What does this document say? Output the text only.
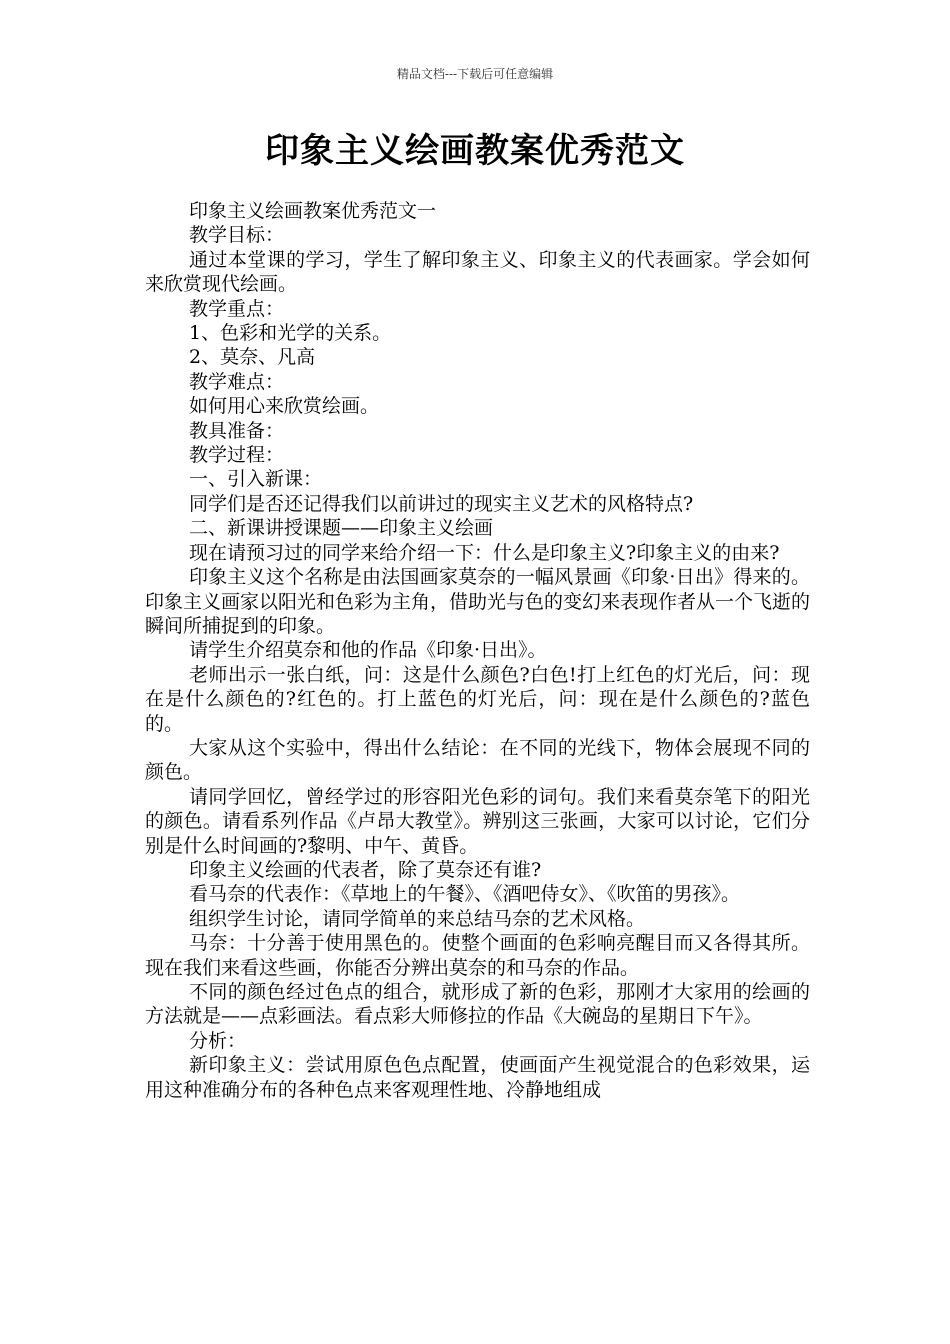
精品文档---下载后可任意编辑
印象主义绘画教案优秀范文

印象主义绘画教案优秀范文一

教学目标：

通过本堂课的学习，学生了解印象主义、印象主义的代表画家。学会如何来欣赏现代绘画。

教学重点：

1、色彩和光学的关系。

2、莫奈、凡高

教学难点：

如何用心来欣赏绘画。

教具准备：

教学过程：

一、引入新课：

同学们是否还记得我们以前讲过的现实主义艺术的风格特点?

二、新课讲授课题——印象主义绘画

现在请预习过的同学来给介绍一下：什么是印象主义?印象主义的由来?

印象主义这个名称是由法国画家莫奈的一幅风景画《印象·日出》得来的。印象主义画家以阳光和色彩为主角，借助光与色的变幻来表现作者从一个飞逝的瞬间所捕捉到的印象。

请学生介绍莫奈和他的作品《印象·日出》。

老师出示一张白纸，问：这是什么颜色?白色!打上红色的灯光后，问：现在是什么颜色的?红色的。打上蓝色的灯光后，问：现在是什么颜色的?蓝色的。

大家从这个实验中，得出什么结论：在不同的光线下，物体会展现不同的颜色。

请同学回忆，曾经学过的形容阳光色彩的词句。我们来看莫奈笔下的阳光的颜色。请看系列作品《卢昂大教堂》。辨别这三张画，大家可以讨论，它们分别是什么时间画的?黎明、中午、黄昏。

印象主义绘画的代表者，除了莫奈还有谁?

看马奈的代表作：《草地上的午餐》、《酒吧侍女》、《吹笛的男孩》。

组织学生讨论，请同学简单的来总结马奈的艺术风格。

马奈：十分善于使用黑色的。使整个画面的色彩响亮醒目而又各得其所。现在我们来看这些画，你能否分辨出莫奈的和马奈的作品。

不同的颜色经过色点的组合，就形成了新的色彩，那刚才大家用的绘画的方法就是——点彩画法。看点彩大师修拉的作品《大碗岛的星期日下午》。

分析：

新印象主义：尝试用原色色点配置，使画面产生视觉混合的色彩效果，运用这种准确分布的各种色点来客观理性地、冷静地组成
